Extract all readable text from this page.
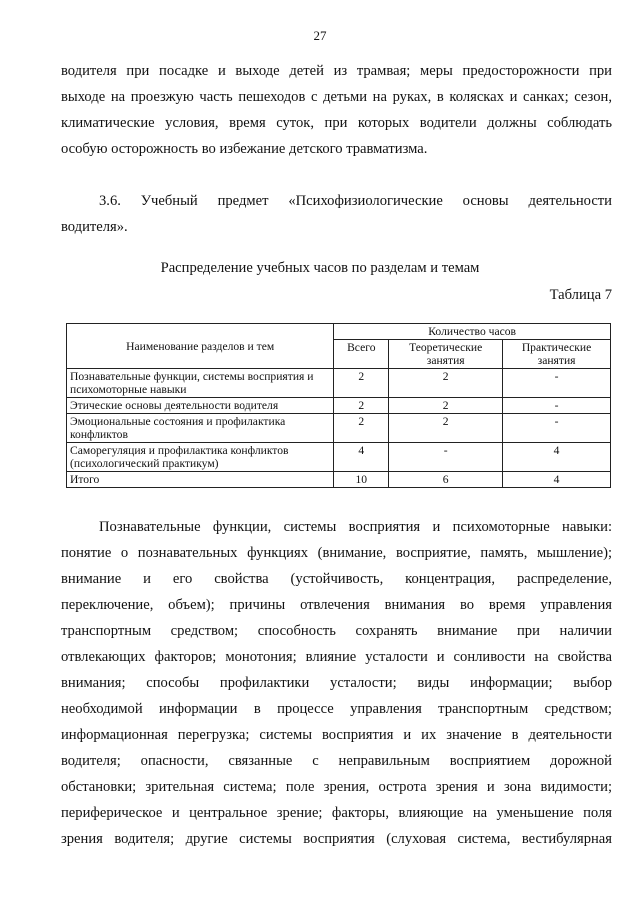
27
водителя при посадке и выходе детей из трамвая; меры предосторожности при
выходе на проезжую часть пешеходов с детьми на руках, в колясках и санках; сезон,
климатические условия, время суток, при которых водители должны соблюдать
особую осторожность во избежание детского травматизма.
3.6. Учебный предмет «Психофизиологические основы деятельности
водителя».
Распределение учебных часов по разделам и темам
Таблица 7
Наименование разделов и тем	Количество часов		
	Всего	Теоретические занятия	Практические занятия
Познавательные функции, системы восприятия и психомоторные навыки	2	2	-
Этические основы деятельности водителя	2	2	-
Эмоциональные состояния и профилактика конфликтов	2	2	-
Саморегуляция и профилактика конфликтов (психологический практикум)	4	-	4
Итого	10	6	4
Познавательные функции, системы восприятия и психомоторные навыки:
понятие о познавательных функциях (внимание, восприятие, память, мышление);
внимание и его свойства (устойчивость, концентрация, распределение,
переключение, объем); причины отвлечения внимания во время управления
транспортным средством; способность сохранять внимание при наличии
отвлекающих факторов; монотония; влияние усталости и сонливости на свойства
внимания; способы профилактики усталости; виды информации; выбор
необходимой информации в процессе управления транспортным средством;
информационная перегрузка; системы восприятия и их значение в деятельности
водителя; опасности, связанные с неправильным восприятием дорожной
обстановки; зрительная система; поле зрения, острота зрения и зона видимости;
периферическое и центральное зрение; факторы, влияющие на уменьшение поля
зрения водителя; другие системы восприятия (слуховая система, вестибулярная
